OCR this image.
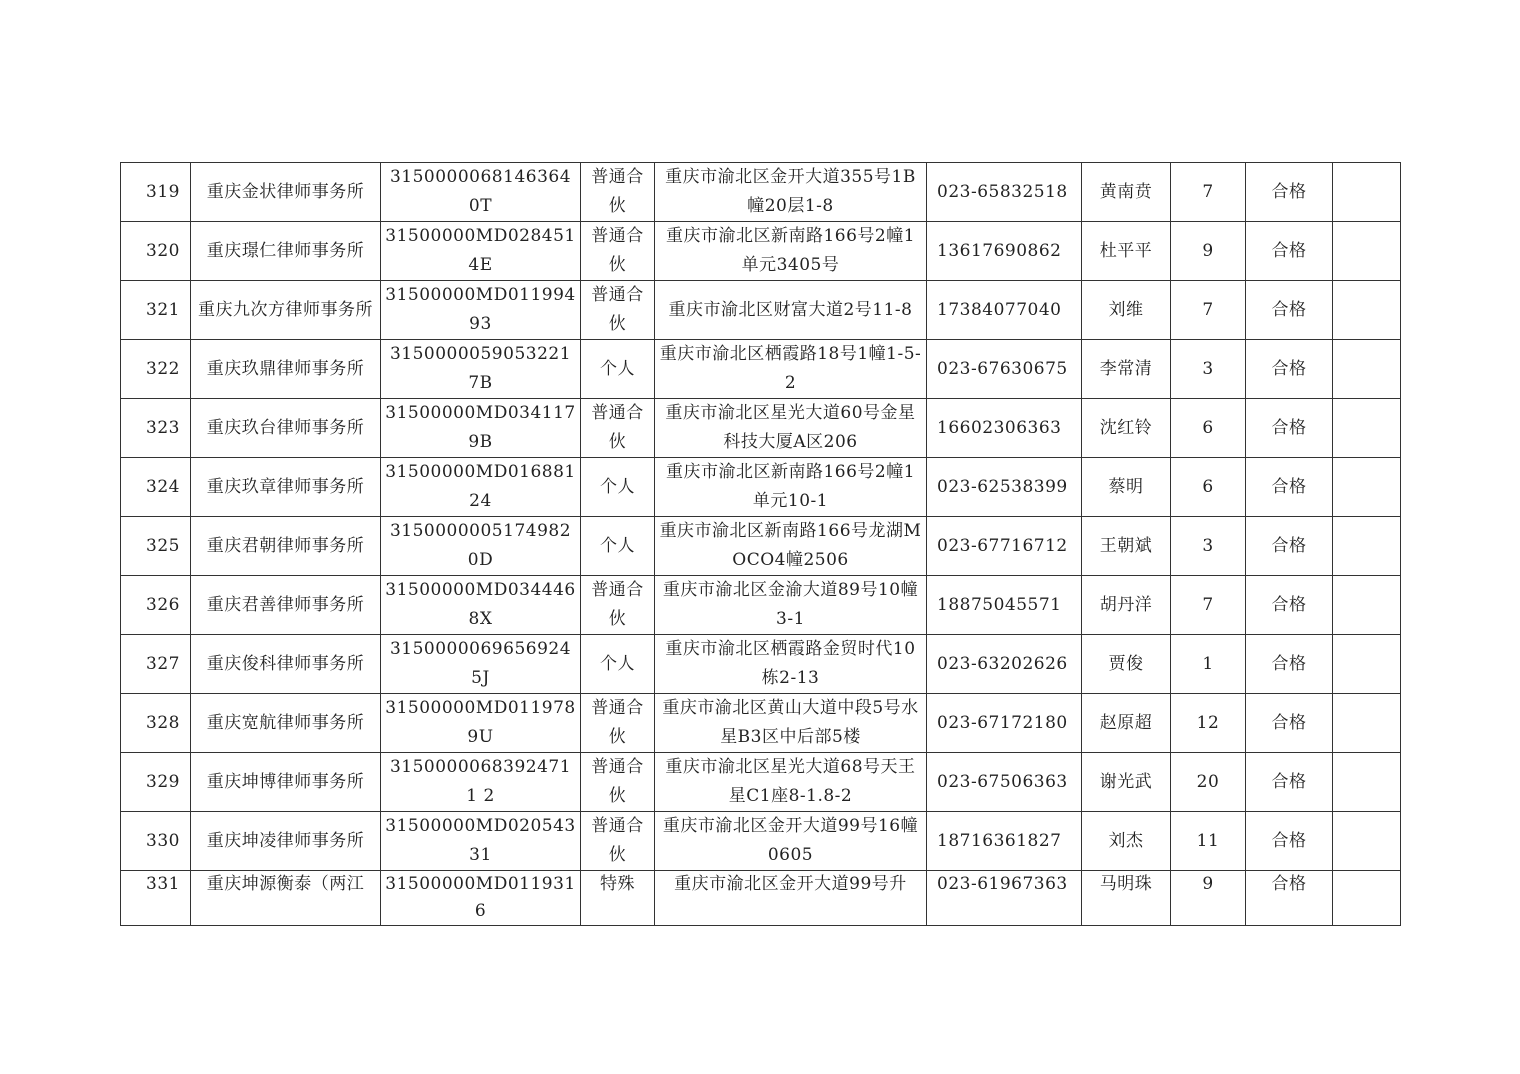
319	重庆金状律师事务所	31500000681463640T	普通合伙	重庆市渝北区金开大道355号1B幢20层1-8	023-65832518	黄南贲	7	合格	

320	重庆璟仁律师事务所	31500000MD0284514E	普通合伙	重庆市渝北区新南路166号2幢1单元3405号	13617690862	杜平平	9	合格	

321	重庆九次方律师事务所	31500000MD01199493	普通合伙	重庆市渝北区财富大道2号11-8	17384077040	刘维	7	合格	

322	重庆玖鼎律师事务所	3150000059053221 7B	个人	重庆市渝北区栖霞路18号1幢1-5-2	023-67630675	李常清	3	合格	

323	重庆玖台律师事务所	31500000MD0341179B	普通合伙	重庆市渝北区星光大道60号金星科技大厦A区206	16602306363	沈红铃	6	合格	

324	重庆玖章律师事务所	31500000MD01688124	个人	重庆市渝北区新南路166号2幢1单元10-1	023-62538399	蔡明	6	合格	

325	重庆君朝律师事务所	31500000051749820D	个人	重庆市渝北区新南路166号龙湖MOCO4幢2506	023-67716712	王朝斌	3	合格	

326	重庆君善律师事务所	31500000MD0344468X	普通合伙	重庆市渝北区金渝大道89号10幢3-1	18875045571	胡丹洋	7	合格	

327	重庆俊科律师事务所	31500000696569245J	个人	重庆市渝北区栖霞路金贸时代10栋2-13	023-63202626	贾俊	1	合格	

328	重庆宽航律师事务所	31500000MD0119789U	普通合伙	重庆市渝北区黄山大道中段5号水星B3区中后部5楼	023-67172180	赵原超	12	合格	

329	重庆坤博律师事务所	31500000683924711 2	普通合伙	重庆市渝北区星光大道68号天王星C1座8-1.8-2	023-67506363	谢光武	20	合格	

330	重庆坤凌律师事务所	31500000MD02054331	普通合伙	重庆市渝北区金开大道99号16幢0605	18716361827	刘杰	11	合格	

331	重庆坤源衡泰（两江	31500000MD0119316	特殊	重庆市渝北区金开大道99号升	023-61967363	马明珠	9	合格	
